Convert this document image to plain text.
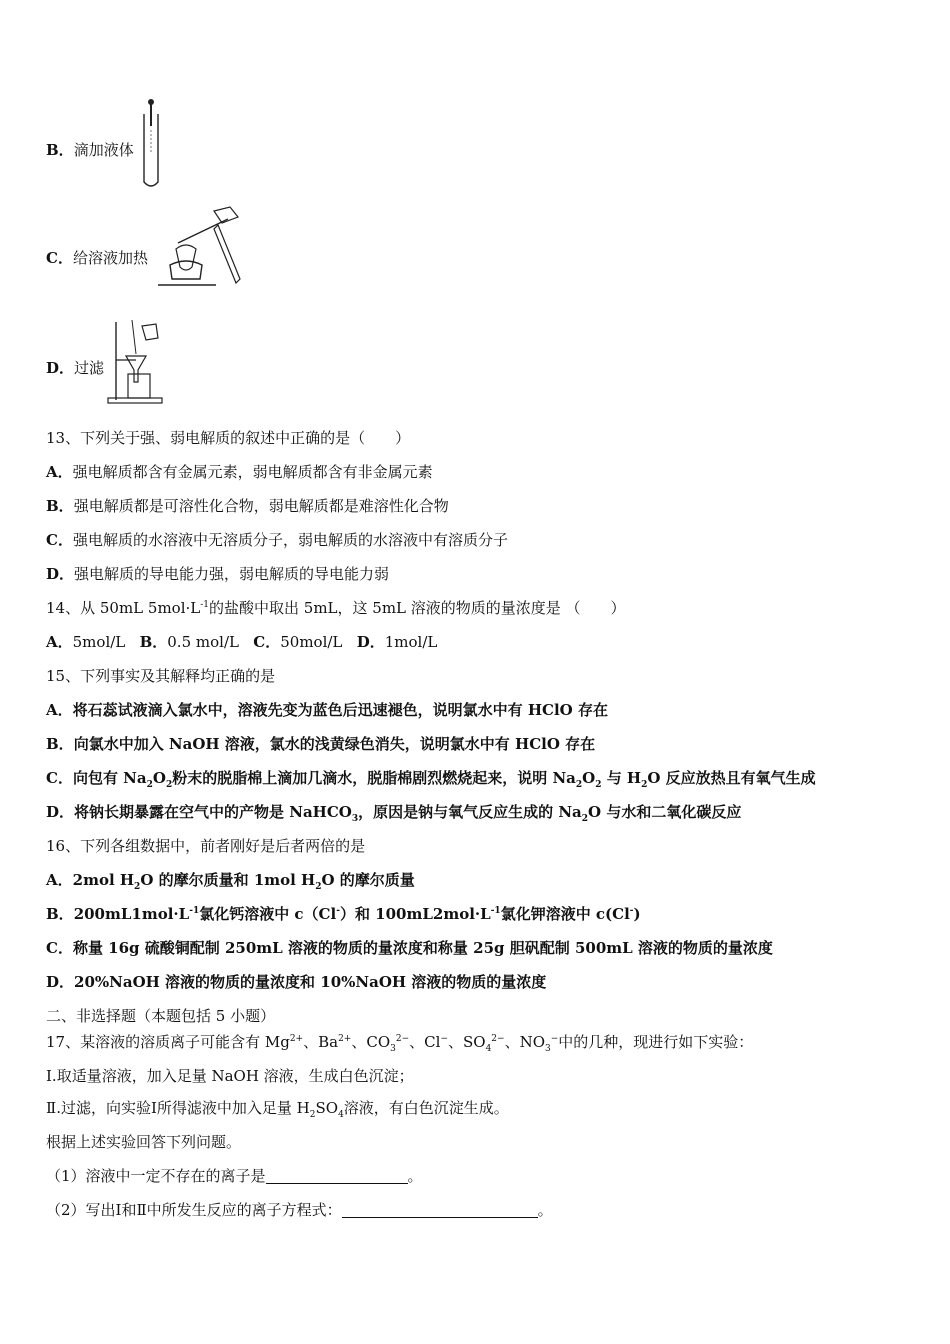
B．滴加液体
C．给溶液加热
D．过滤
13、下列关于强、弱电解质的叙述中正确的是（　　）
A．强电解质都含有金属元素，弱电解质都含有非金属元素
B．强电解质都是可溶性化合物，弱电解质都是难溶性化合物
C．强电解质的水溶液中无溶质分子，弱电解质的水溶液中有溶质分子
D．强电解质的导电能力强，弱电解质的导电能力弱
14、从 50mL $5mol\cdot L^{-1}$的盐酸中取出 5mL，这 5mL 溶液的物质的量浓度是 （　　）
A．5mol/L B．0.5 mol/L C．50mol/L D．1mol/L
15、下列事实及其解释均正确的是
A．将石蕊试液滴入氯水中，溶液先变为蓝色后迅速褪色，说明氯水中有 HClO 存在
B．向氯水中加入 NaOH 溶液，氯水的浅黄绿色消失，说明氯水中有 HClO 存在
C．向包有 $Na_2O_2$粉末的脱脂棉上滴加几滴水，脱脂棉剧烈燃烧起来，说明 $Na_2O_2$ 与 $H_2O$ 反应放热且有氧气生成
D．将钠长期暴露在空气中的产物是 NaHCO$_3$，原因是钠与氧气反应生成的 $Na_2O$ 与水和二氧化碳反应
16、下列各组数据中，前者刚好是后者两倍的是
A．2mol $H_2O$ 的摩尔质量和 1mol $H_2O$ 的摩尔质量
B．$200mL1mol\cdot L^{-1}$氯化钙溶液中 c（Cl-）和 $100mL2mol\cdot L^{-1}$氯化钾溶液中 c(Cl-)
C．称量 16g 硫酸铜配制 250mL 溶液的物质的量浓度和称量 25g 胆矾配制 500mL 溶液的物质的量浓度
D．20%NaOH 溶液的物质的量浓度和 10%NaOH 溶液的物质的量浓度
二、非选择题（本题包括 5 小题）
17、某溶液的溶质离子可能含有 $Mg^{2+}$、$Ba^{2+}$、$CO_3^{2-}$、Cl−、$SO_4^{2-}$、$NO_3^-$中的几种，现进行如下实验：
Ⅰ.取适量溶液，加入足量 NaOH 溶液，生成白色沉淀；
Ⅱ.过滤，向实验Ⅰ所得滤液中加入足量 $H_2SO_4$溶液，有白色沉淀生成。
根据上述实验回答下列问题。
（1）溶液中一定不存在的离子是	。
（2）写出Ⅰ和Ⅱ中所发生反应的离子方程式：	。
